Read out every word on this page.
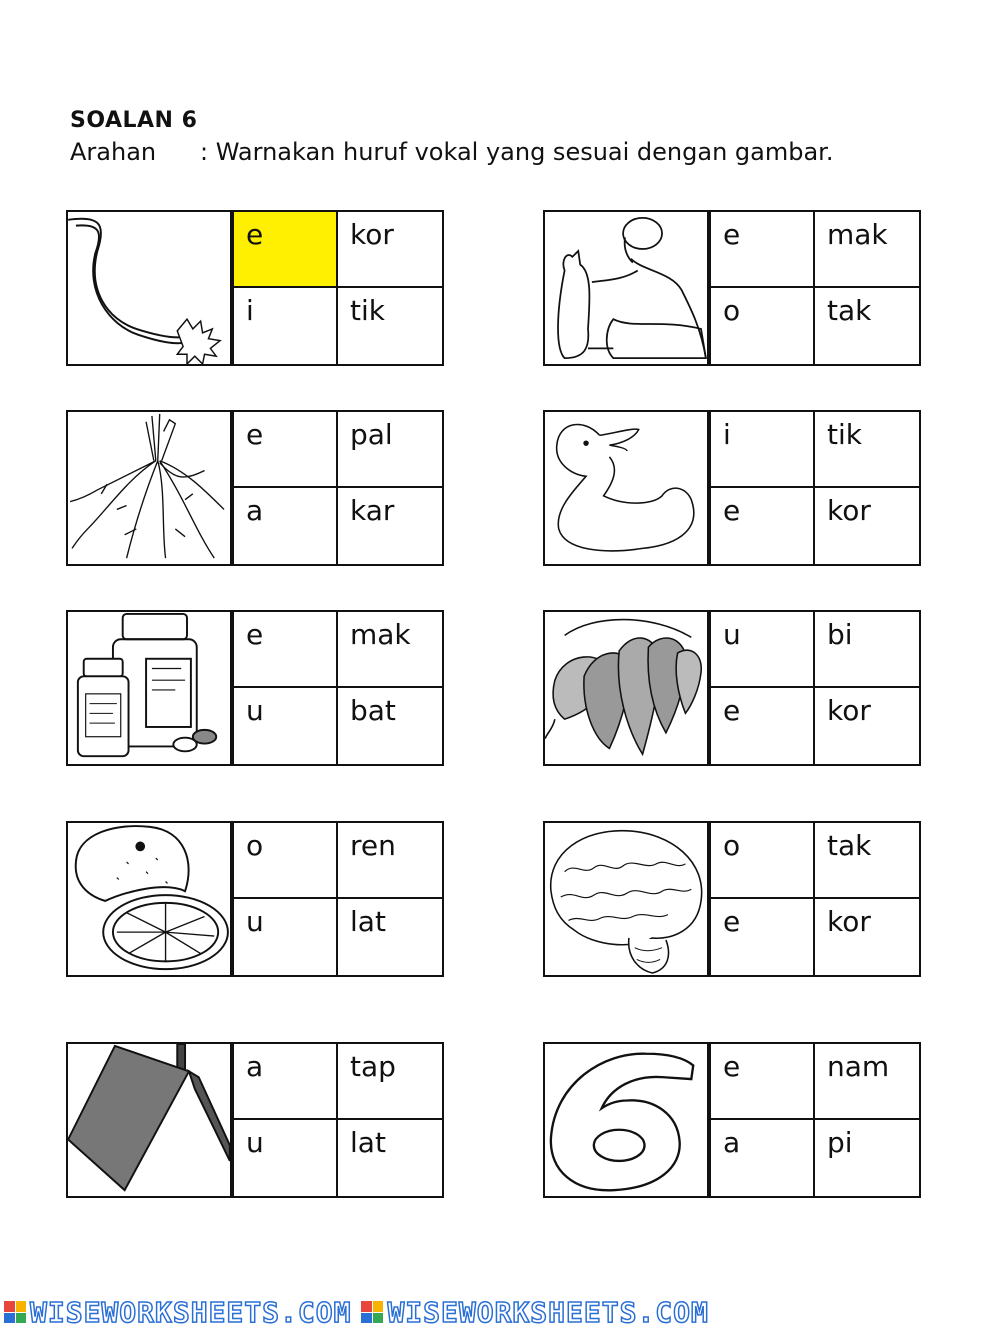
SOALAN 6
Arahan	: Warnakan huruf vokal yang sesuai dengan gambar.
e	kor
i	tik
e	mak
o	tak
e	pal
a	kar
i	tik
e	kor
e	mak
u	bat
u	bi
e	kor
o	ren
u	lat
o	tak
e	kor
a	tap
u	lat
e	nam
a	pi
WISEWORKSHEETS.COM WISEWORKSHEETS.COM
